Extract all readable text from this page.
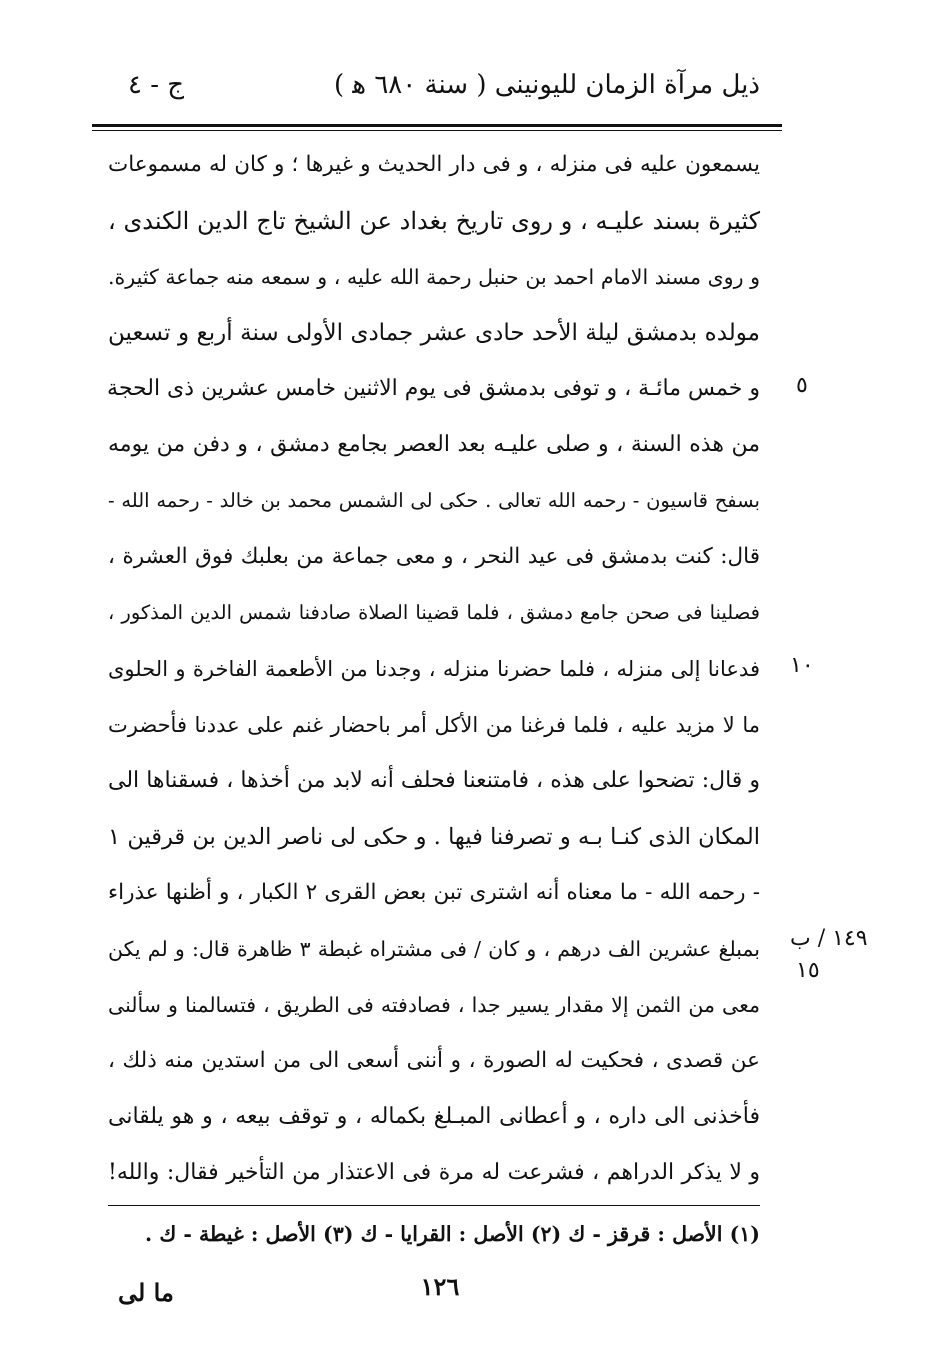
ذيل مرآة الزمان لليونينى ( سنة ٦٨٠ ﻫ )
ج - ٤
يسمعون عليه فى منزله ، و فى دار الحديث و غيرها ؛ و كان له مسموعات
كثيرة بسند عليـه ، و روى تاريخ بغداد عن الشيخ تاج الدين الكندى ،
و روى مسند الامام احمد بن حنبل رحمة الله عليه ، و سمعه منه جماعة كثيرة.
مولده بدمشق ليلة الأحد حادى عشر جمادى الأولى سنة أربع و تسعين
و خمس مائـة ، و توفى بدمشق فى يوم الاثنين خامس عشرين ذى الحجة
من هذه السنة ، و صلى عليـه بعد العصر بجامع دمشق ، و دفن من يومه
بسفح قاسيون - رحمه الله تعالى . حكى لى الشمس محمد بن خالد - رحمه الله -
قال: كنت بدمشق فى عيد النحر ، و معى جماعة من بعلبك فوق العشرة ،
فصلينا فى صحن جامع دمشق ، فلما قضينا الصلاة صادفنا شمس الدين المذكور ،
فدعانا إلى منزله ، فلما حضرنا منزله ، وجدنا من الأطعمة الفاخرة و الحلوى
ما لا مزيد عليه ، فلما فرغنا من الأكل أمر باحضار غنم على عددنا فأحضرت
و قال: تضحوا على هذه ، فامتنعنا فحلف أنه لابد من أخذها ، فسقناها الى
المكان الذى كنـا بـه و تصرفنا فيها . و حكى لى ناصر الدين بن قرقين ١
- رحمه الله - ما معناه أنه اشترى تبن بعض القرى ٢ الكبار ، و أظنها عذراء
بمبلغ عشرين الف درهم ، و كان / فى مشتراه غبطة ٣ ظاهرة قال: و لم يكن
معى من الثمن إلا مقدار يسير جدا ، فصادفته فى الطريق ، فتسالمنا و سألنى
عن قصدى ، فحكيت له الصورة ، و أننى أسعى الى من استدين منه ذلك ،
فأخذنى الى داره ، و أعطانى المبـلغ بكماله ، و توقف بيعه ، و هو يلقانى
و لا يذكر الدراهم ، فشرعت له مرة فى الاعتذار من التأخير فقال: والله!
٥
١٠
١٤٩ / ب
١٥
(١) الأصل : قرقز - ك (٢) الأصل : القرايا - ك (٣) الأصل : غيطة - ك .
١٢٦
ما لى
